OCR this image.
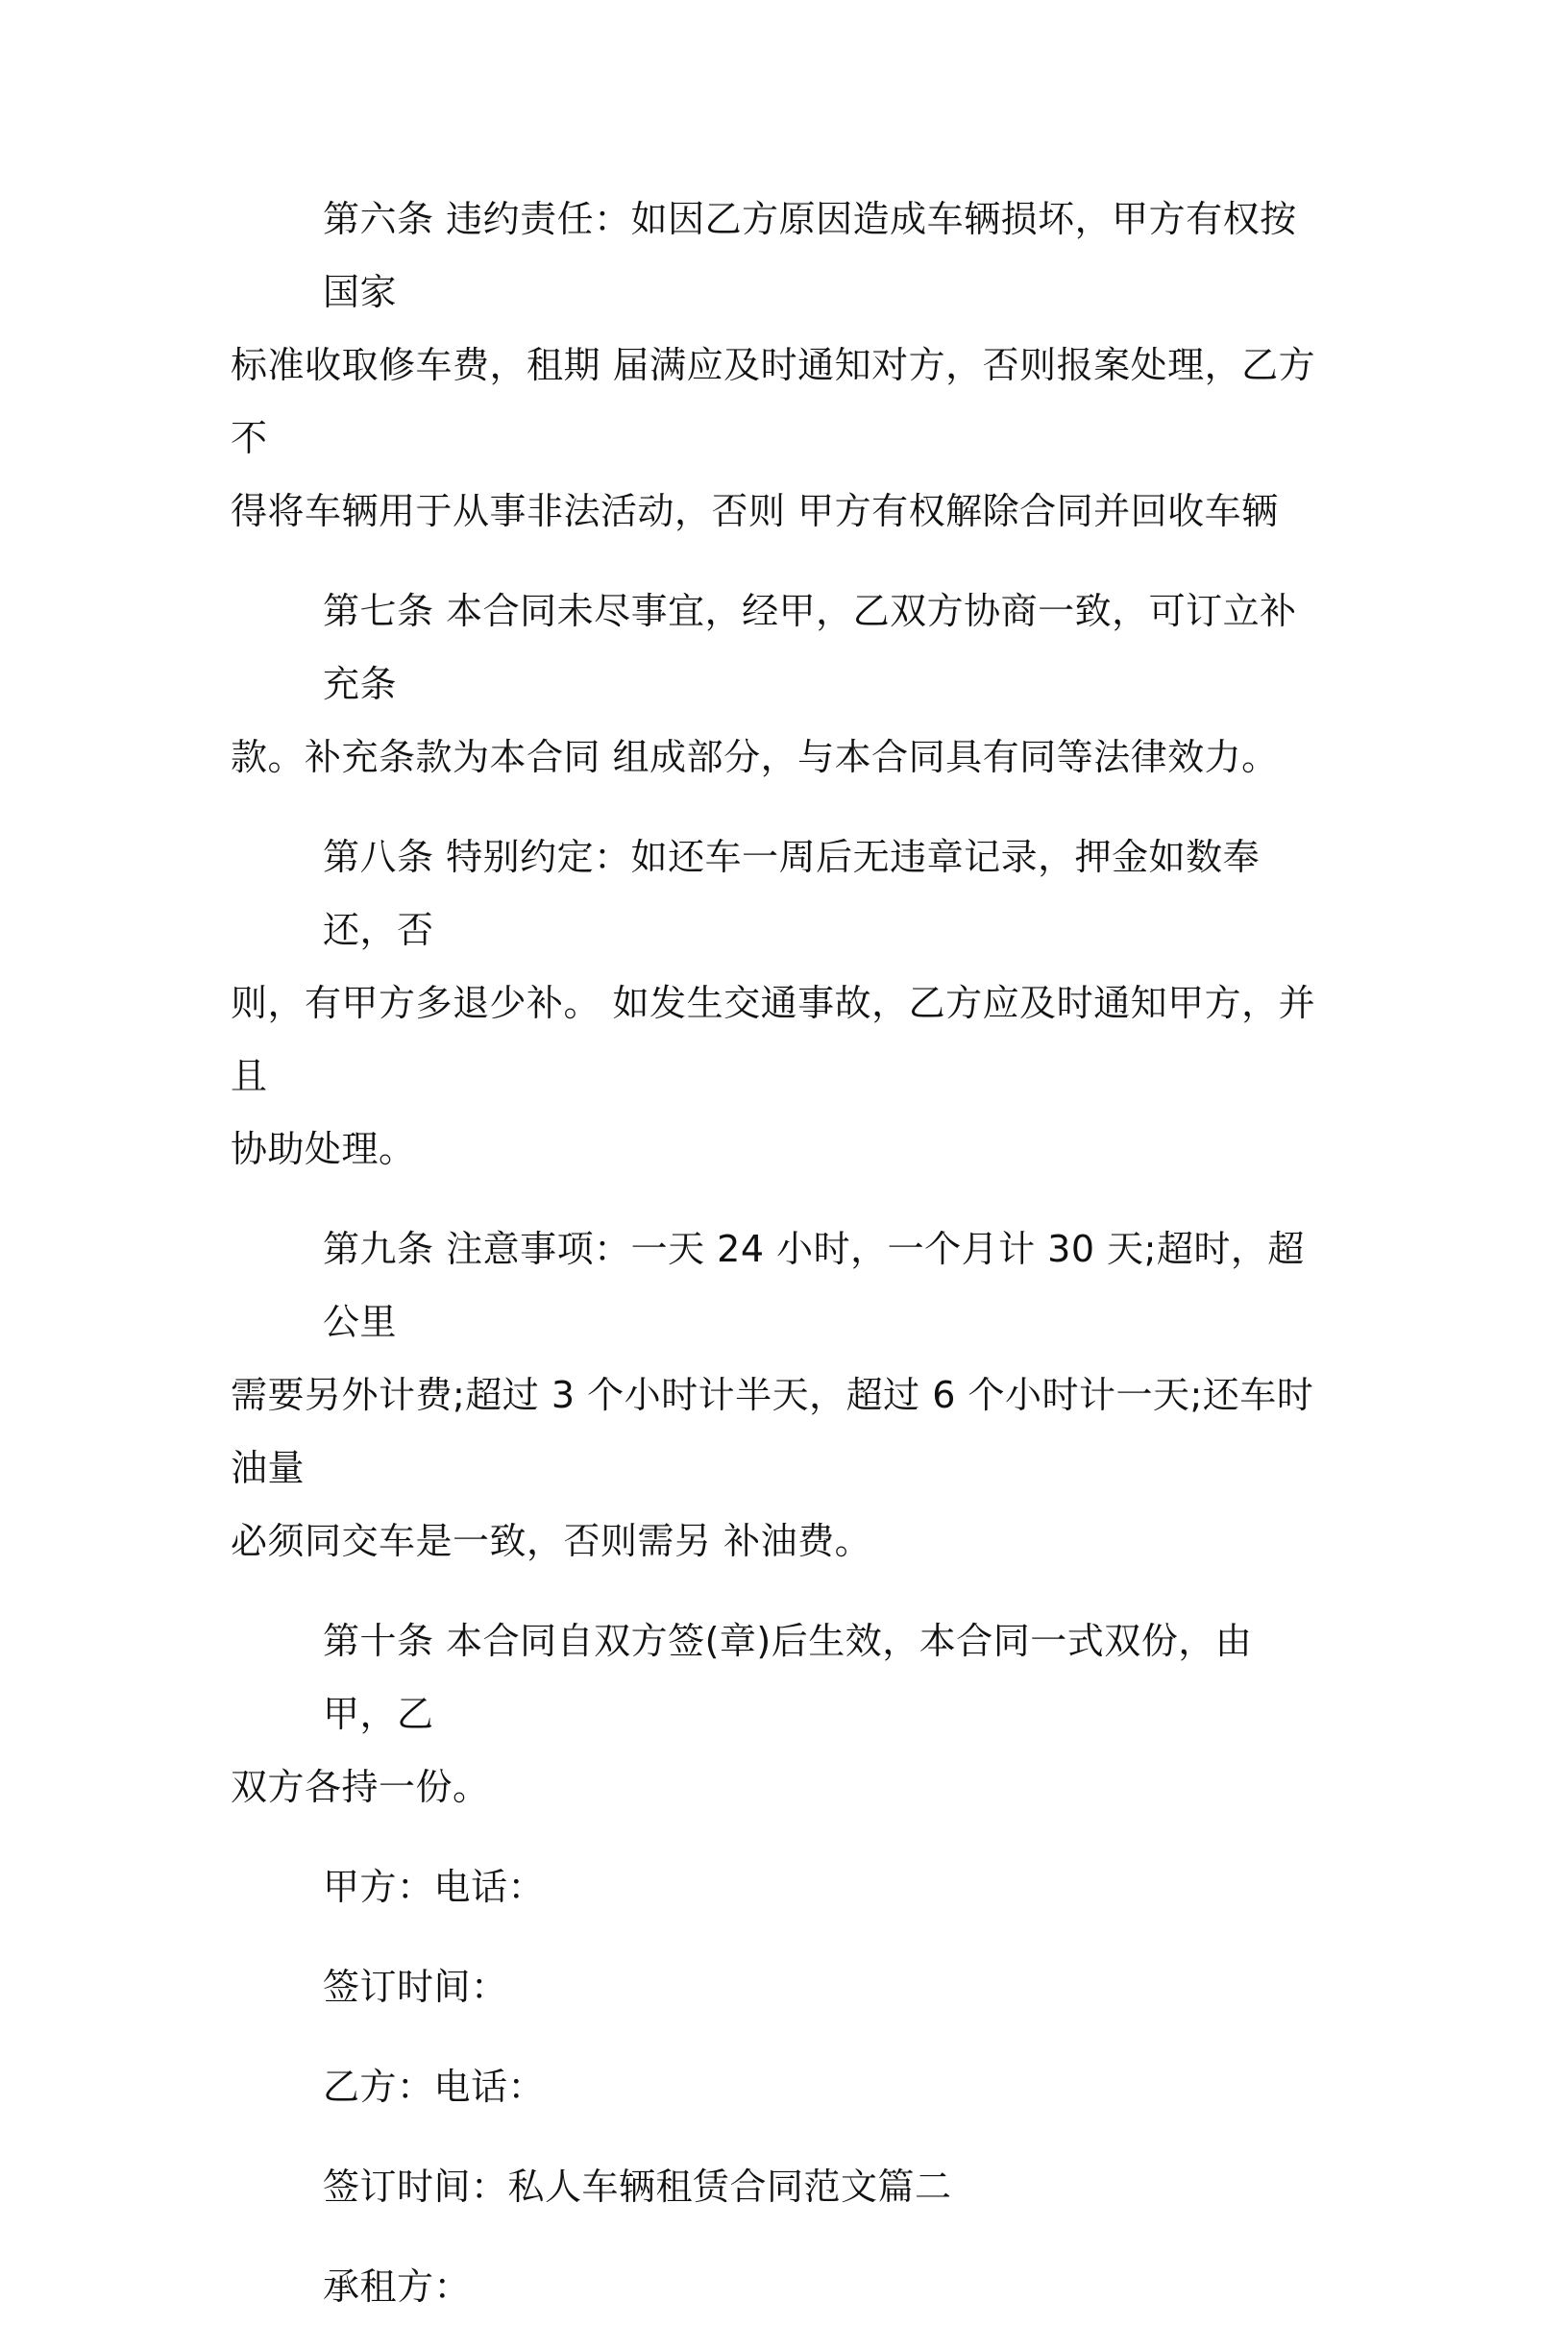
第六条 违约责任：如因乙方原因造成车辆损坏，甲方有权按国家
标准收取修车费，租期 届满应及时通知对方，否则报案处理，乙方不
得将车辆用于从事非法活动，否则 甲方有权解除合同并回收车辆
第七条 本合同未尽事宜，经甲，乙双方协商一致，可订立补充条
款。补充条款为本合同 组成部分，与本合同具有同等法律效力。
第八条 特别约定：如还车一周后无违章记录，押金如数奉还，否
则，有甲方多退少补。 如发生交通事故，乙方应及时通知甲方，并且
协助处理。
第九条 注意事项：一天 24 小时，一个月计 30 天;超时，超公里
需要另外计费;超过 3 个小时计半天，超过 6 个小时计一天;还车时油量
必须同交车是一致，否则需另 补油费。
第十条 本合同自双方签(章)后生效，本合同一式双份，由甲，乙
双方各持一份。
甲方：电话：
签订时间：
乙方：电话：
签订时间：私人车辆租赁合同范文篇二
承租方：
